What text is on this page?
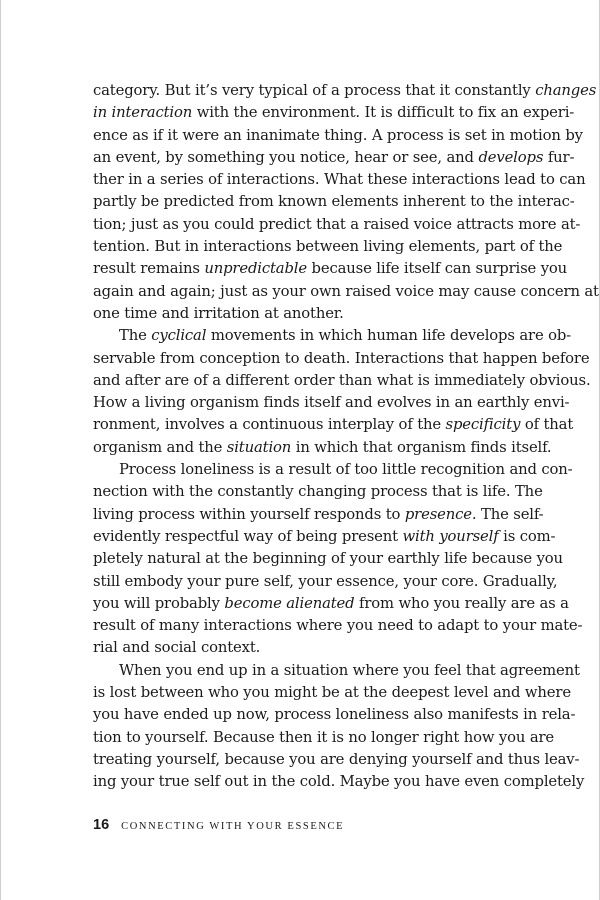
category. But it’s very typical of a process that it constantly changes
in interaction with the environment. It is difficult to fix an experi-
ence as if it were an inanimate thing. A process is set in motion by
an event, by something you notice, hear or see, and develops fur-
ther in a series of interactions. What these interactions lead to can
partly be predicted from known elements inherent to the interac-
tion; just as you could predict that a raised voice attracts more at-
tention. But in interactions between living elements, part of the
result remains unpredictable because life itself can surprise you
again and again; just as your own raised voice may cause concern at
one time and irritation at another.
The cyclical movements in which human life develops are ob-
servable from conception to death. Interactions that happen before
and after are of a different order than what is immediately obvious.
How a living organism finds itself and evolves in an earthly envi-
ronment, involves a continuous interplay of the specificity of that
organism and the situation in which that organism finds itself.
Process loneliness is a result of too little recognition and con-
nection with the constantly changing process that is life. The
living process within yourself responds to presence. The self-
evidently respectful way of being present with yourself is com-
pletely natural at the beginning of your earthly life because you
still embody your pure self, your essence, your core. Gradually,
you will probably become alienated from who you really are as a
result of many interactions where you need to adapt to your mate-
rial and social context.
When you end up in a situation where you feel that agreement
is lost between who you might be at the deepest level and where
you have ended up now, process loneliness also manifests in rela-
tion to yourself. Because then it is no longer right how you are
treating yourself, because you are denying yourself and thus leav-
ing your true self out in the cold. Maybe you have even completely
16 CONNECTING WITH YOUR ESSENCE
